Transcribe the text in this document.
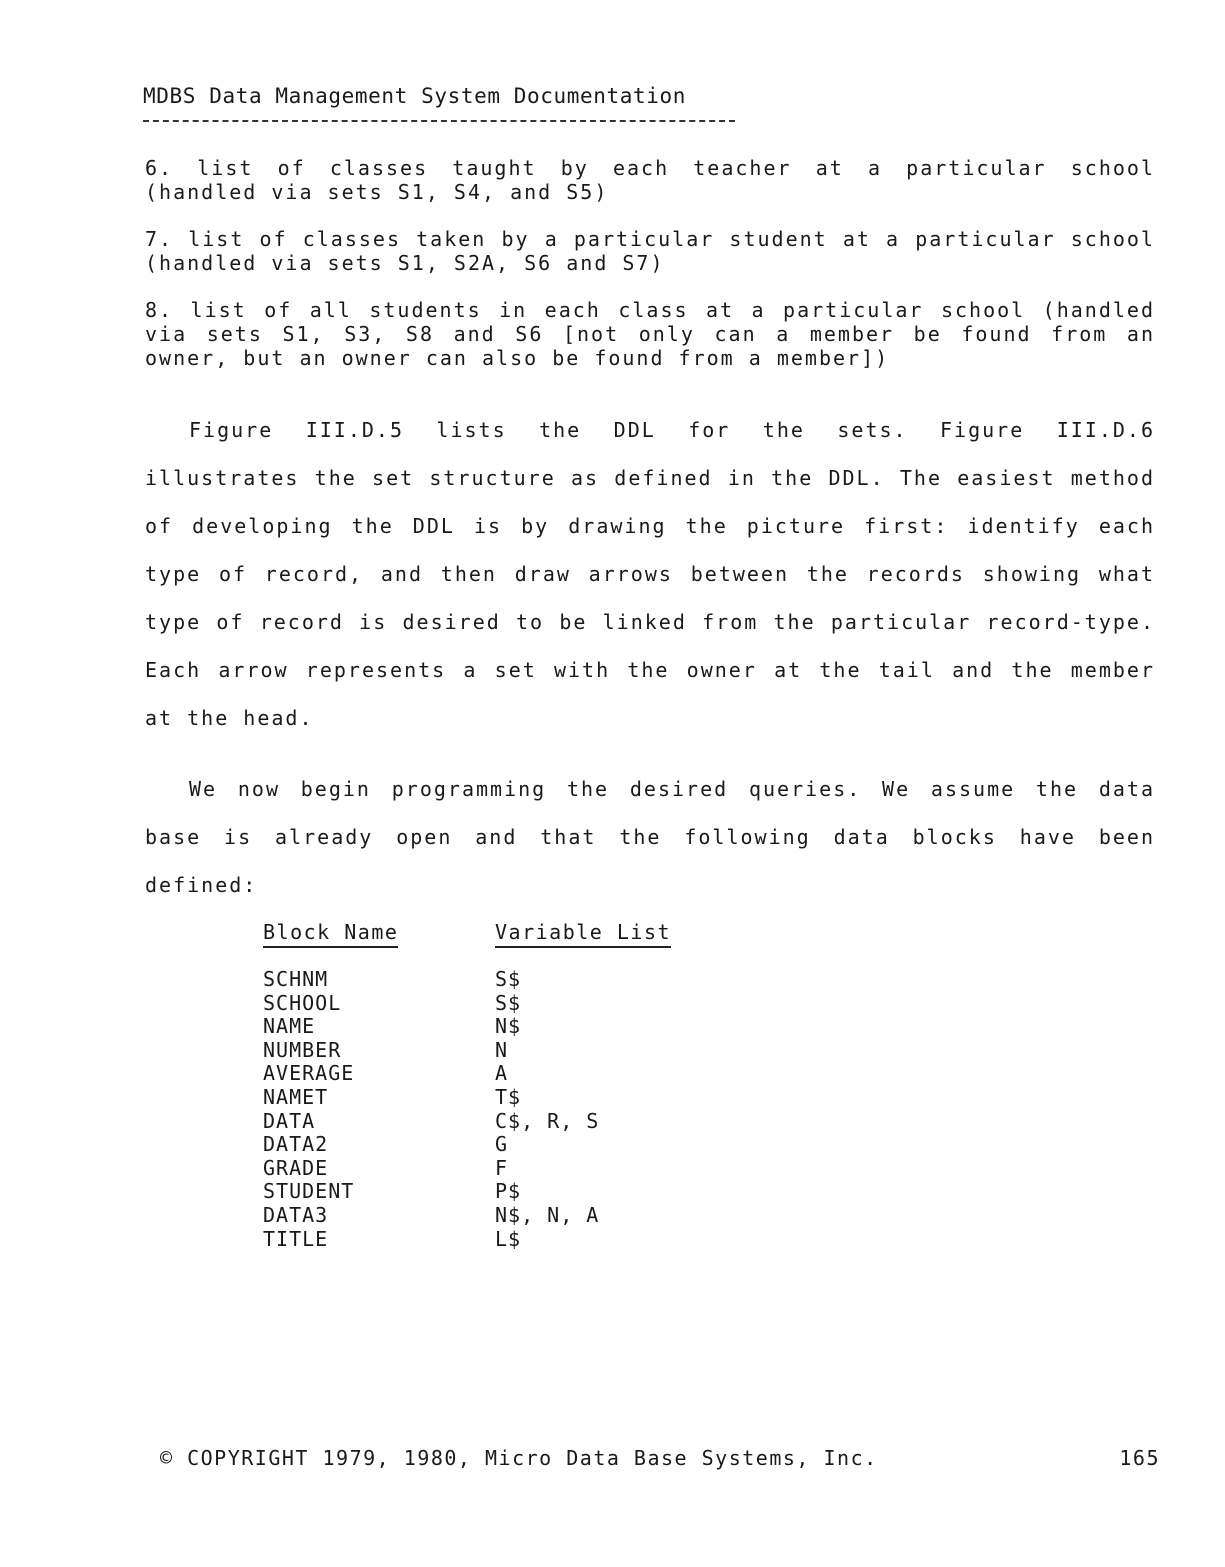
MDBS Data Management System Documentation
6. list of classes taught by each teacher at a particular school (handled via sets S1, S4, and S5)
7. list of classes taken by a particular student at a particular school (handled via sets S1, S2A, S6 and S7)
8. list of all students in each class at a particular school (handled via sets S1, S3, S8 and S6 [not only can a member be found from an owner, but an owner can also be found from a member])
Figure III.D.5 lists the DDL for the sets. Figure III.D.6 illustrates the set structure as defined in the DDL. The easiest method of developing the DDL is by drawing the picture first: identify each type of record, and then draw arrows between the records showing what type of record is desired to be linked from the particular record-type. Each arrow represents a set with the owner at the tail and the member at the head.
We now begin programming the desired queries. We assume the data base is already open and that the following data blocks have been defined:
Block Name	Variable List
SCHNM	S$
SCHOOL	S$
NAME	N$
NUMBER	N
AVERAGE	A
NAMET	T$
DATA	C$, R, S
DATA2	G
GRADE	F
STUDENT	P$
DATA3	N$, N, A
TITLE	L$
© COPYRIGHT 1979, 1980, Micro Data Base Systems, Inc.	165
